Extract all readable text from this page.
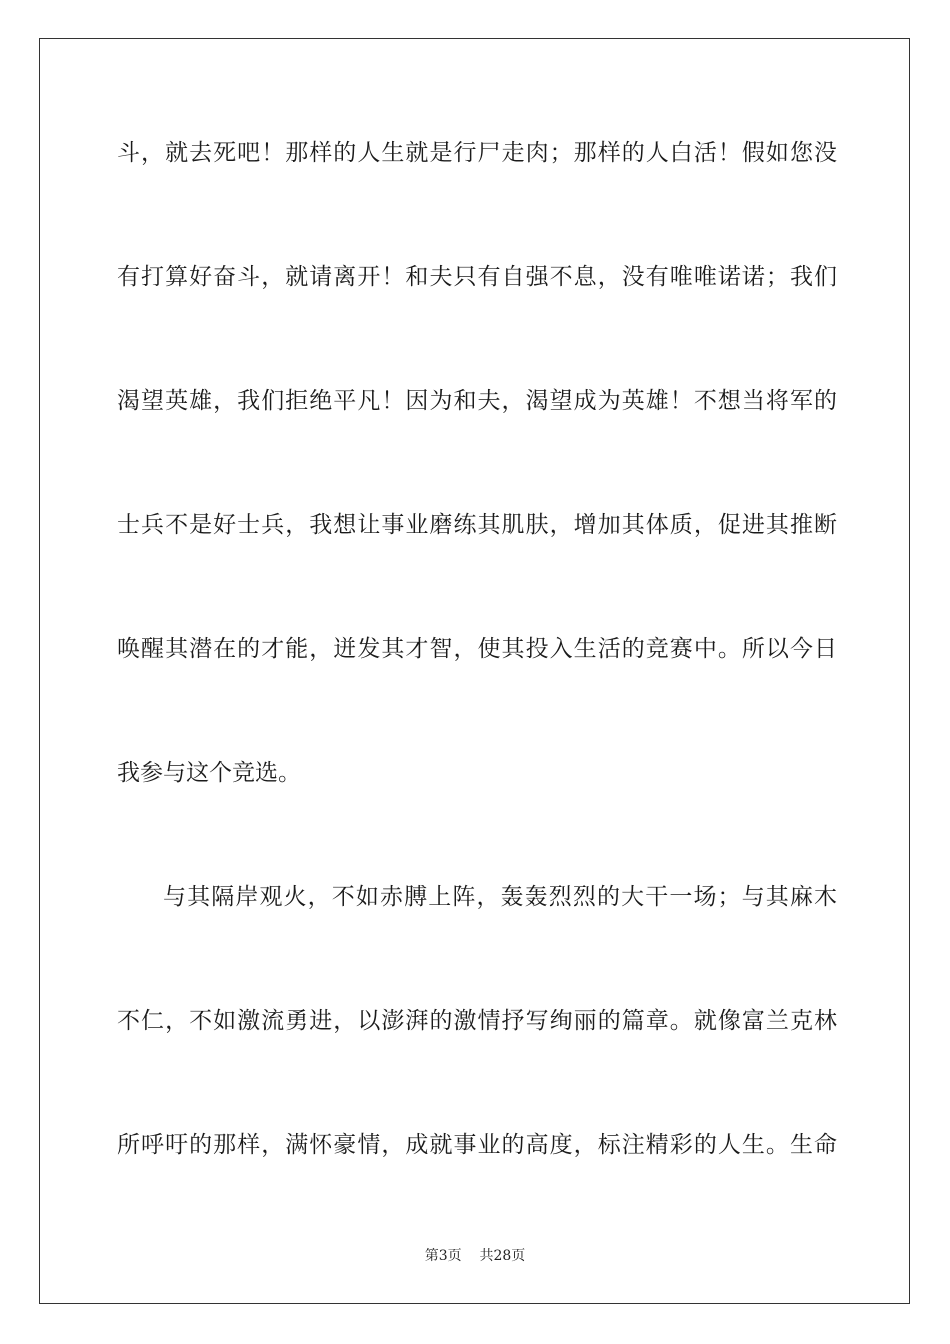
斗，就去死吧！那样的人生就是行尸走肉；那样的人白活！假如您没
有打算好奋斗，就请离开！和夫只有自强不息，没有唯唯诺诺；我们
渴望英雄，我们拒绝平凡！因为和夫，渴望成为英雄！不想当将军的
士兵不是好士兵，我想让事业磨练其肌肤，增加其体质，促进其推断
唤醒其潜在的才能，迸发其才智，使其投入生活的竞赛中。所以今日
我参与这个竞选。
与其隔岸观火，不如赤膊上阵，轰轰烈烈的大干一场；与其麻木
不仁，不如激流勇进，以澎湃的激情抒写绚丽的篇章。就像富兰克林
所呼吁的那样，满怀豪情，成就事业的高度，标注精彩的人生。生命
第3页 共28页
